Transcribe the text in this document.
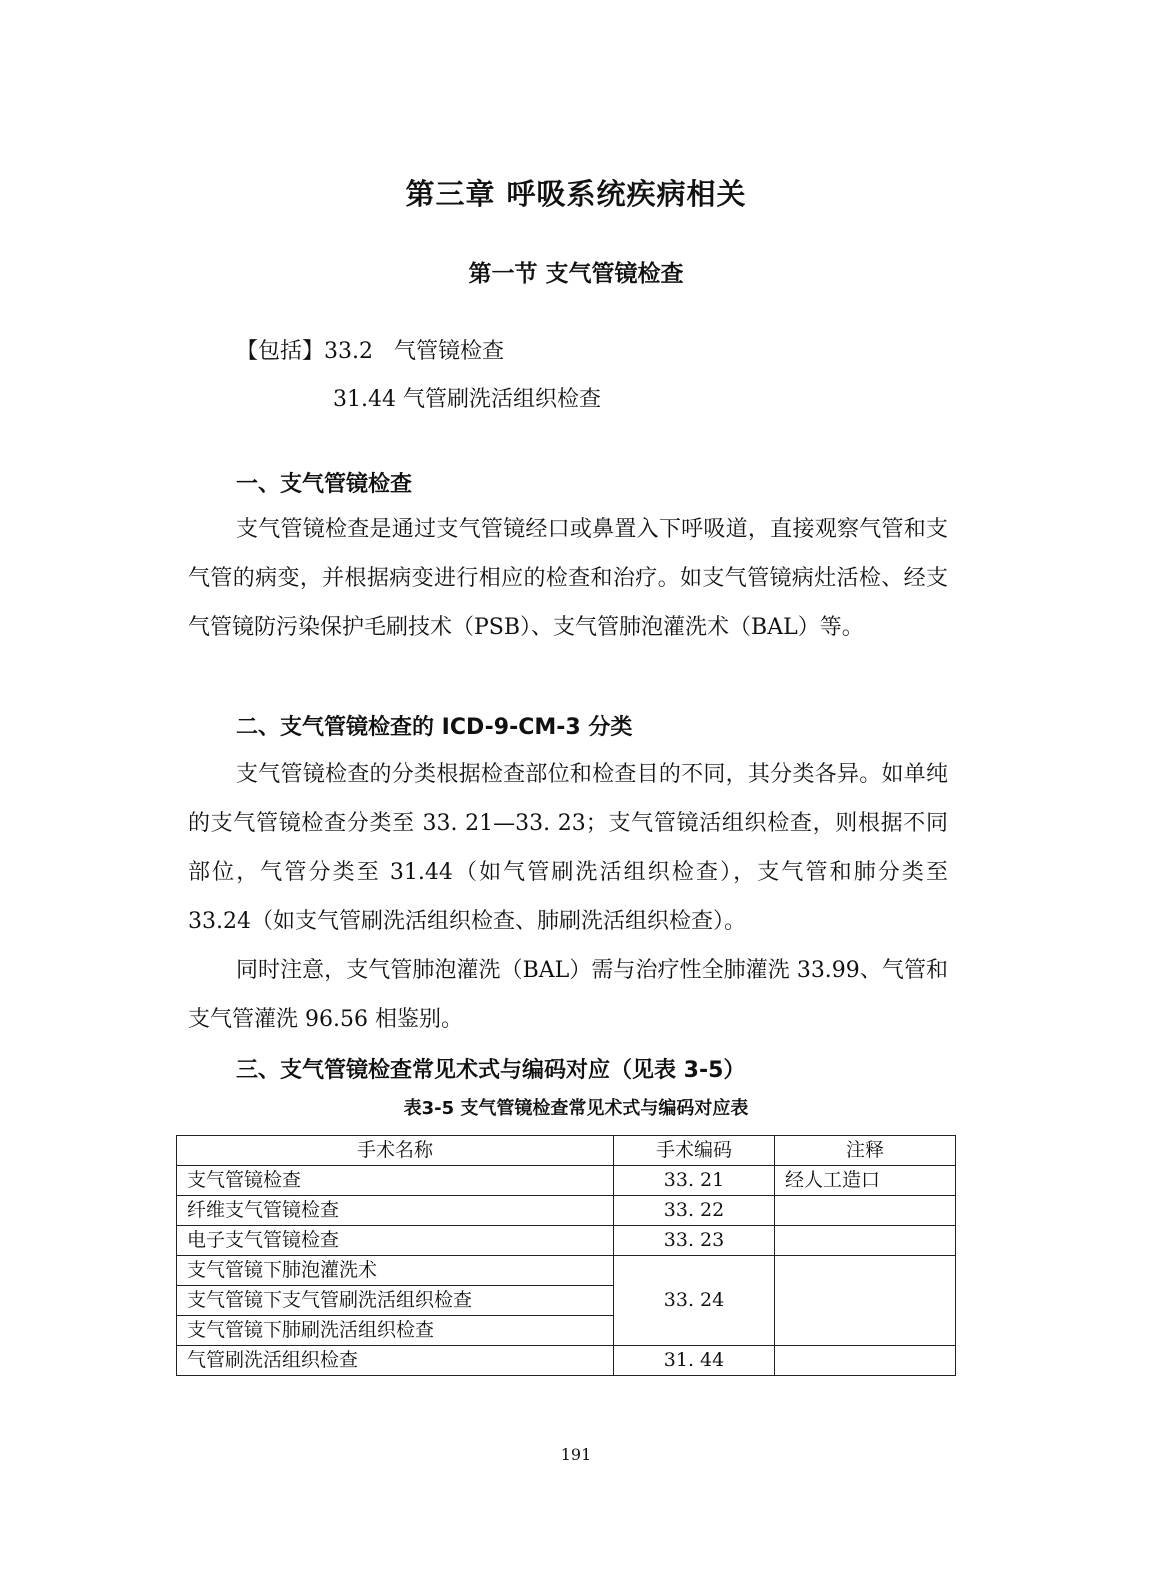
第三章 呼吸系统疾病相关
第一节 支气管镜检查
【包括】33.2 气管镜检查
31.44 气管刷洗活组织检查
一、支气管镜检查

支气管镜检查是通过支气管镜经口或鼻置入下呼吸道，直接观察气管和支气管的病变，并根据病变进行相应的检查和治疗。如支气管镜病灶活检、经支气管镜防污染保护毛刷技术（PSB）、支气管肺泡灌洗术（BAL）等。

二、支气管镜检查的 ICD-9-CM-3 分类

支气管镜检查的分类根据检查部位和检查目的不同，其分类各异。如单纯的支气管镜检查分类至 33. 21—33. 23；支气管镜活组织检查，则根据不同部位，气管分类至 31.44（如气管刷洗活组织检查），支气管和肺分类至 33.24（如支气管刷洗活组织检查、肺刷洗活组织检查）。

同时注意，支气管肺泡灌洗（BAL）需与治疗性全肺灌洗 33.99、气管和支气管灌洗 96.56 相鉴别。

三、支气管镜检查常见术式与编码对应（见表 3-5）
表3-5 支气管镜检查常见术式与编码对应表
手术名称	手术编码	注释
支气管镜检查	33. 21	经人工造口
纤维支气管镜检查	33. 22	
电子支气管镜检查	33. 23	
支气管镜下肺泡灌洗术	33. 24	
支气管镜下支气管刷洗活组织检查		
支气管镜下肺刷洗活组织检查		
气管刷洗活组织检查	31. 44	
191
